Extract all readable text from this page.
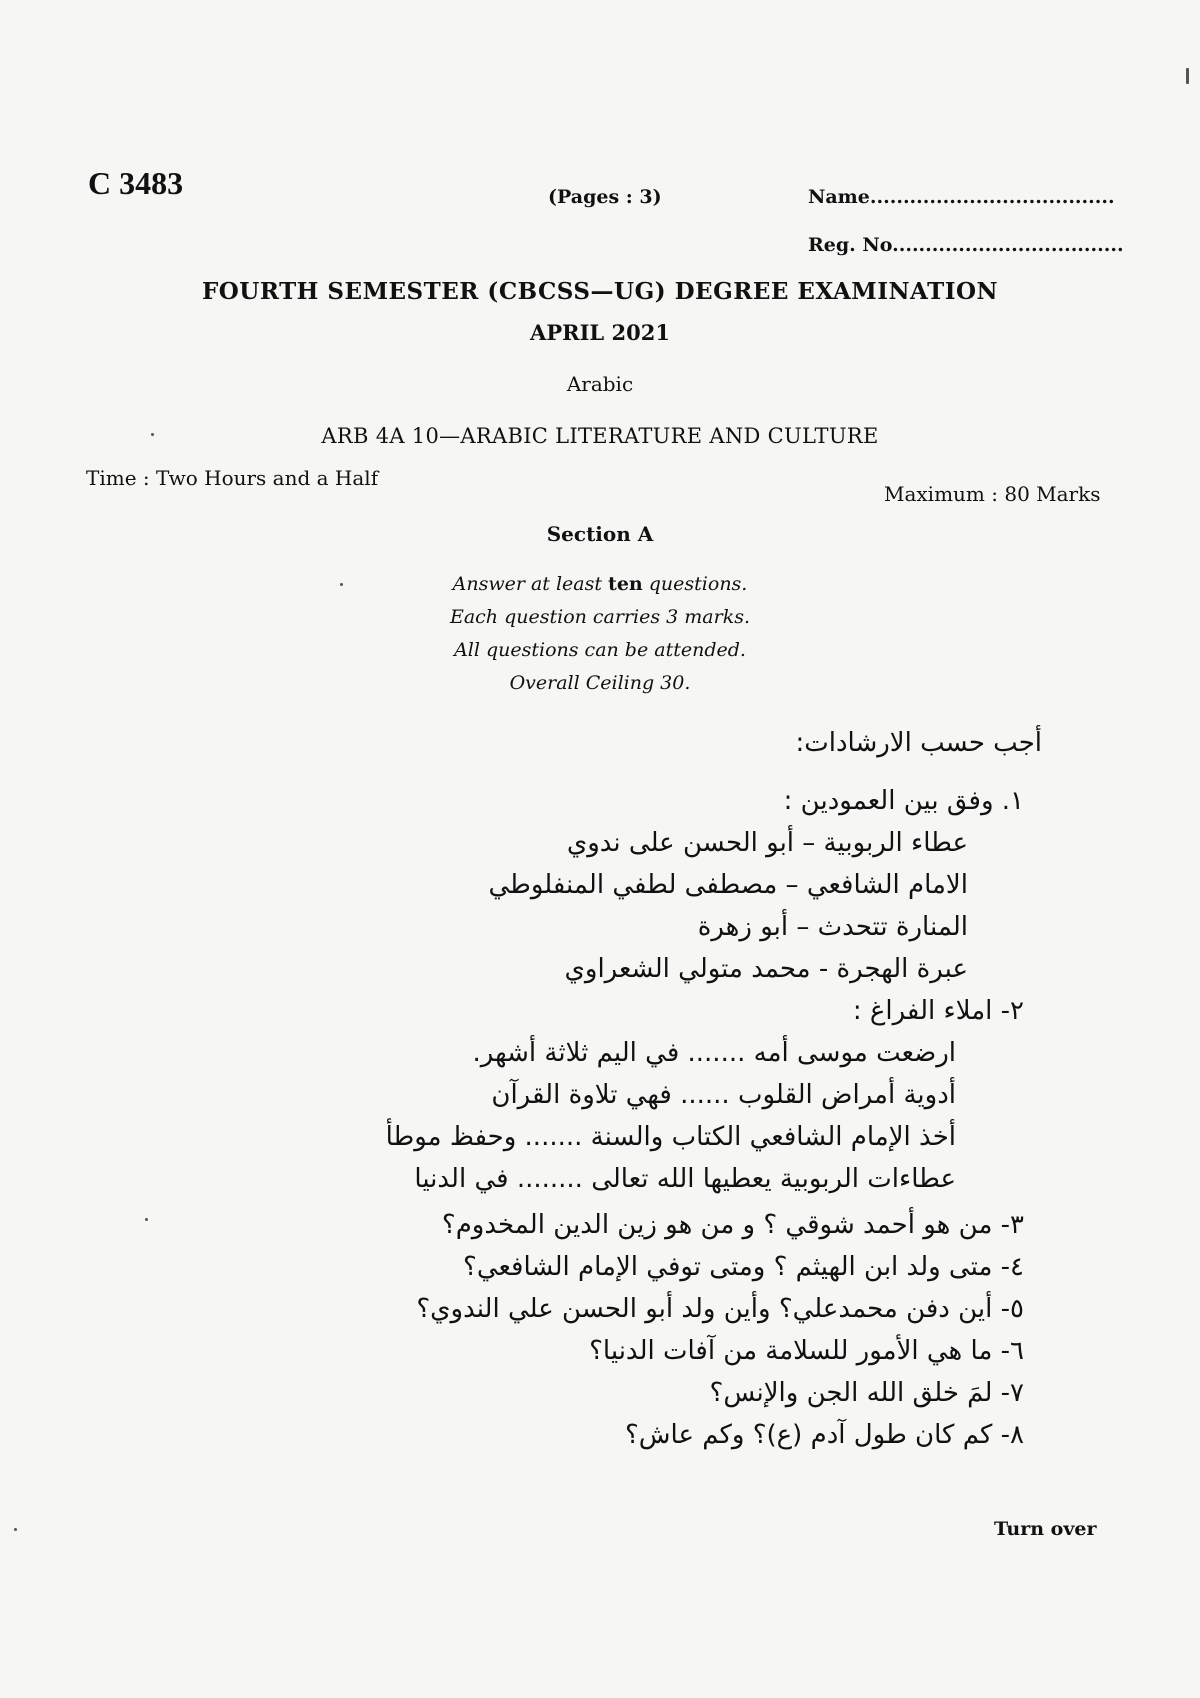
C 3483	(Pages : 3)	Name.....................................
Reg. No...................................
FOURTH SEMESTER (CBCSS—UG) DEGREE EXAMINATION
APRIL 2021
Arabic
ARB 4A 10—ARABIC LITERATURE AND CULTURE
Time : Two Hours and a Half
Maximum : 80 Marks
Section A
Answer at least ten questions.
Each question carries 3 marks.
All questions can be attended.
Overall Ceiling 30.
أجب حسب الارشادات:
١. وفق بين العمودين :
عطاء الربوبية – أبو الحسن على ندوي
الامام الشافعي – مصطفى لطفي المنفلوطي
المنارة تتحدث – أبو زهرة
عبرة الهجرة - محمد متولي الشعراوي
٢- املاء الفراغ :
ارضعت موسى أمه ....... في اليم ثلاثة أشهر.
أدوية أمراض القلوب ...... فهي تلاوة القرآن
أخذ الإمام الشافعي الكتاب والسنة ....... وحفظ موطأ
عطاءات الربوبية يعطيها الله تعالى ........ في الدنيا
٣- من هو أحمد شوقي ؟ و من هو زين الدين المخدوم؟
٤- متى ولد ابن الهيثم ؟ ومتى توفي الإمام الشافعي؟
٥- أين دفن محمدعلي؟ وأين ولد أبو الحسن علي الندوي؟
٦- ما هي الأمور للسلامة من آفات الدنيا؟
٧- لمَ خلق الله الجن والإنس؟
٨- كم كان طول آدم (ع)؟ وكم عاش؟
Turn over
